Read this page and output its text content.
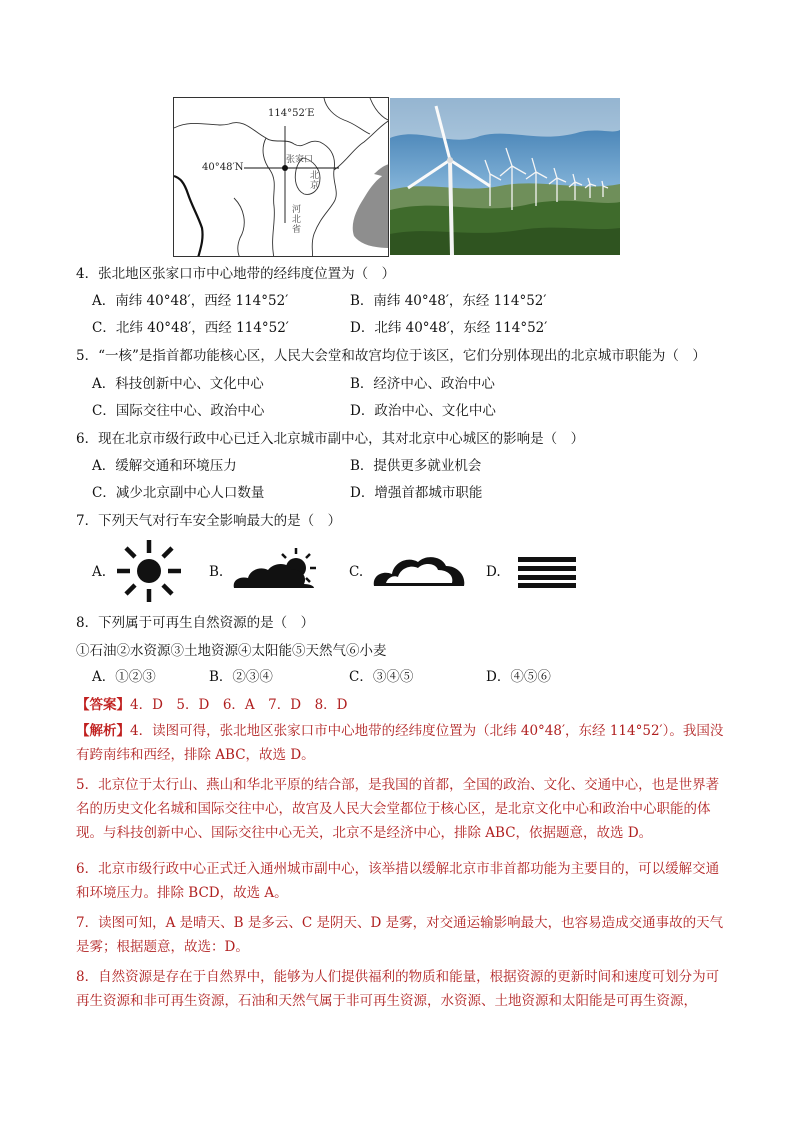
114°52′E
40°48′N
张家口
北京
河北省
4．张北地区张家口市中心地带的经纬度位置为（　）
A．南纬 40°48′，西经 114°52′	B．南纬 40°48′，东经 114°52′
C．北纬 40°48′，西经 114°52′	D．北纬 40°48′，东经 114°52′
5．“一核”是指首都功能核心区，人民大会堂和故宫均位于该区，它们分别体现出的北京城市职能为（　）
A．科技创新中心、文化中心	B．经济中心、政治中心
C．国际交往中心、政治中心	D．政治中心、文化中心
6．现在北京市级行政中心已迁入北京城市副中心，其对北京中心城区的影响是（　）
A．缓解交通和环境压力	B．提供更多就业机会
C．减少北京副中心人口数量	D．增强首都城市职能
7．下列天气对行车安全影响最大的是（　）
A.	B.	C.	D.
8．下列属于可再生自然资源的是（　）
①石油②水资源③土地资源④太阳能⑤天然气⑥小麦
A．①②③	B．②③④	C．③④⑤	D．④⑤⑥
【答案】4．D　5．D　6．A　7．D　8．D
【解析】4．读图可得，张北地区张家口市中心地带的经纬度位置为（北纬 40°48′，东经 114°52′）。我国没有跨南纬和西经，排除 ABC，故选 D。
5．北京位于太行山、燕山和华北平原的结合部，是我国的首都，全国的政治、文化、交通中心，也是世界著名的历史文化名城和国际交往中心，故宫及人民大会堂都位于核心区，是北京文化中心和政治中心职能的体现。与科技创新中心、国际交往中心无关，北京不是经济中心，排除 ABC，依据题意，故选 D。
6．北京市级行政中心正式迁入通州城市副中心，该举措以缓解北京市非首都功能为主要目的，可以缓解交通和环境压力。排除 BCD，故选 A。
7．读图可知，A 是晴天、B 是多云、C 是阴天、D 是雾，对交通运输影响最大，也容易造成交通事故的天气是雾；根据题意，故选：D。
8．自然资源是存在于自然界中，能够为人们提供福利的物质和能量，根据资源的更新时间和速度可划分为可再生资源和非可再生资源，石油和天然气属于非可再生资源，水资源、土地资源和太阳能是可再生资源，
